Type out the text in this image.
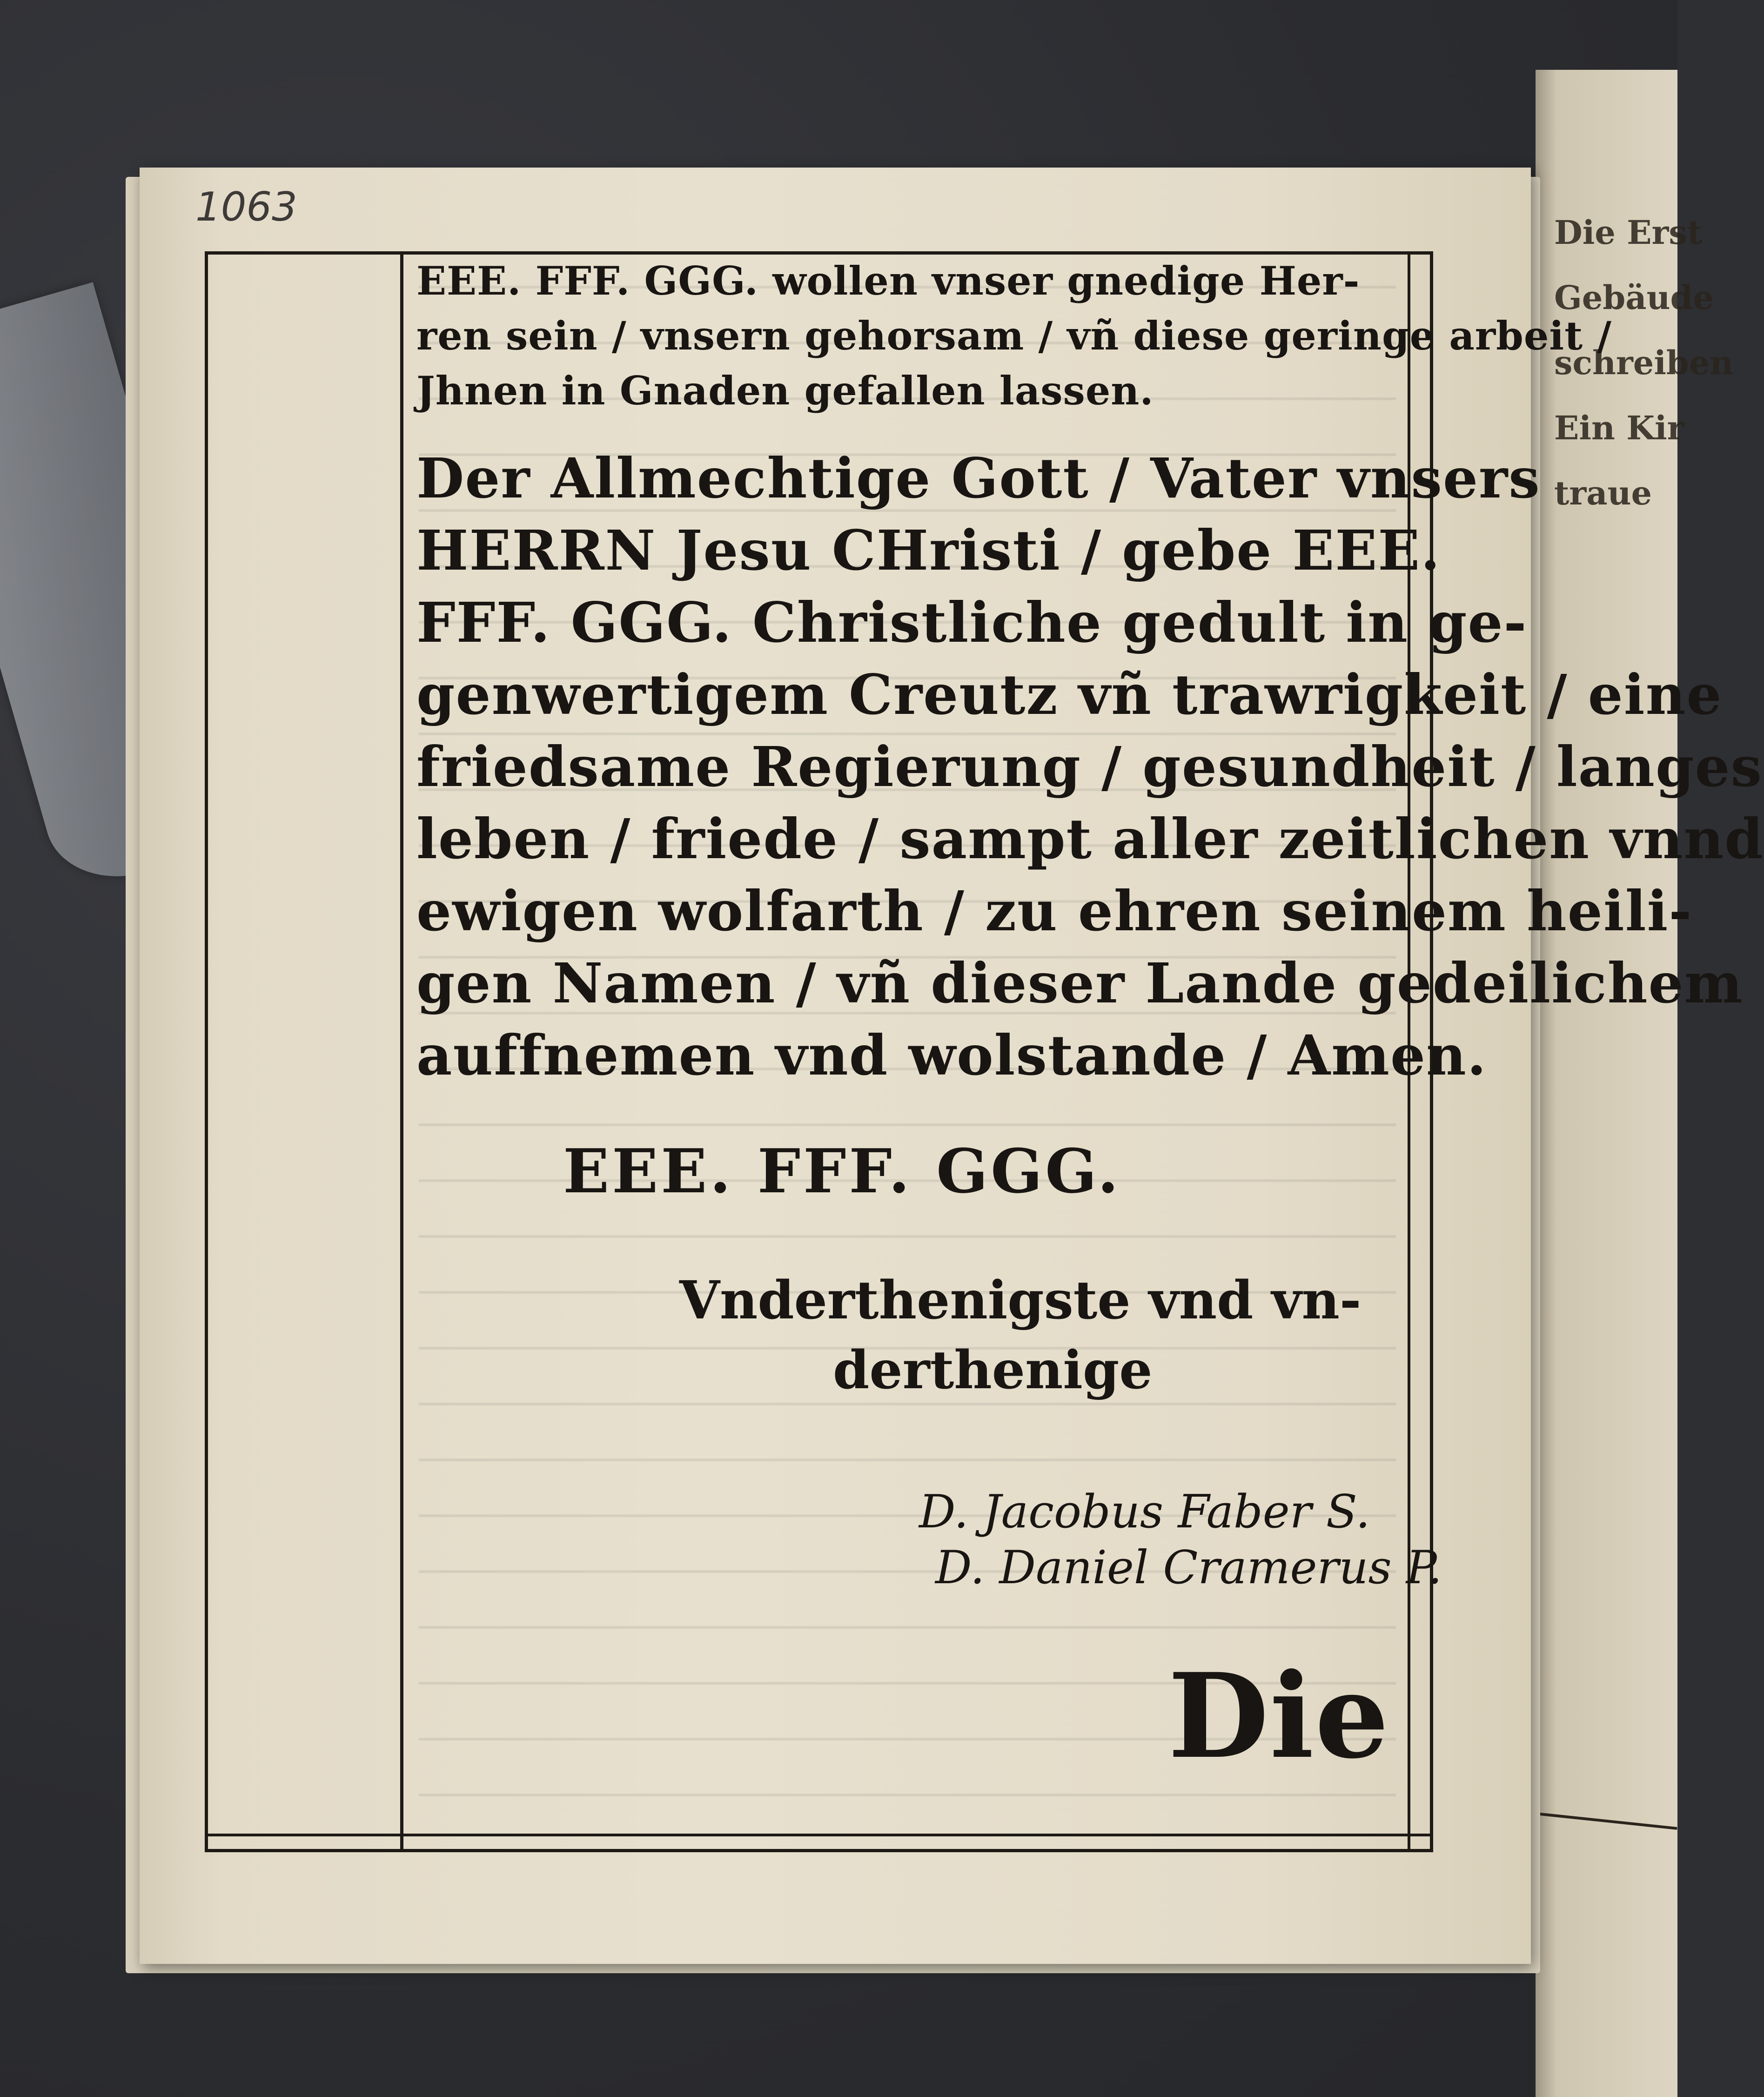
Die Erst
Gebäude
schreiben
Ein Kir
traue
1063
EEE. FFF. GGG. wollen vnser gnedige Her-
ren sein / vnsern gehorsam / vñ diese geringe arbeit /
Jhnen in Gnaden gefallen lassen.
Der Allmechtige Gott / Vater vnsers
HERRN Jesu CHristi / gebe EEE.
FFF. GGG. Christliche gedult in ge-
genwertigem Creutz vñ trawrigkeit / eine
friedsame Regierung / gesundheit / langes
leben / friede / sampt aller zeitlichen vnnd
ewigen wolfarth / zu ehren seinem heili-
gen Namen / vñ dieser Lande gedeilichem
auffnemen vnd wolstande / Amen.
EEE. FFF. GGG.
Vnderthenigste vnd vn-
derthenige
D. Jacobus Faber S.
D. Daniel Cramerus P.
Die
